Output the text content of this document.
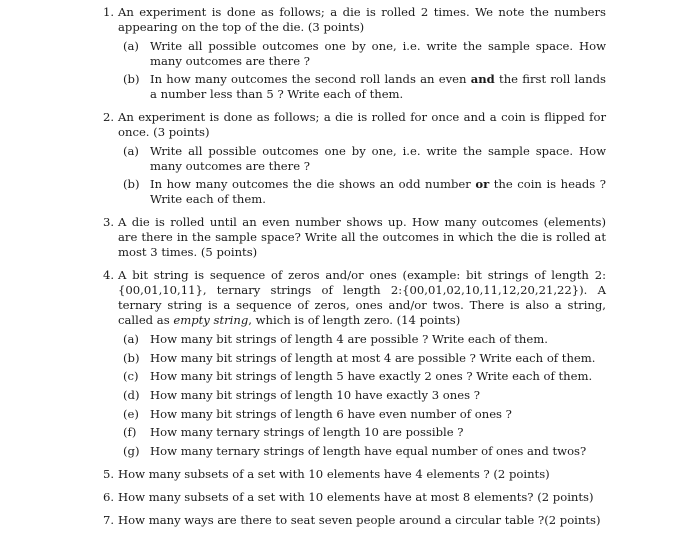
1. An experiment is done as follows; a die is rolled 2 times. We note the numbers appearing on the top of the die. (3 points)
(a) Write all possible outcomes one by one, i.e. write the sample space. How many outcomes are there ?
(b) In how many outcomes the second roll lands an even and the first roll lands a number less than 5 ? Write each of them.
2. An experiment is done as follows; a die is rolled for once and a coin is flipped for once. (3 points)
(a) Write all possible outcomes one by one, i.e. write the sample space. How many outcomes are there ?
(b) In how many outcomes the die shows an odd number or the coin is heads ? Write each of them.
3. A die is rolled until an even number shows up. How many outcomes (elements) are there in the sample space? Write all the outcomes in which the die is rolled at most 3 times. (5 points)
4. A bit string is sequence of zeros and/or ones (example: bit strings of length 2:{00,01,10,11}, ternary strings of length 2:{00,01,02,10,11,12,20,21,22}). A ternary string is a sequence of zeros, ones and/or twos. There is also a string, called as empty string, which is of length zero. (14 points)
(a) How many bit strings of length 4 are possible ? Write each of them.
(b) How many bit strings of length at most 4 are possible ? Write each of them.
(c) How many bit strings of length 5 have exactly 2 ones ? Write each of them.
(d) How many bit strings of length 10 have exactly 3 ones ?
(e) How many bit strings of length 6 have even number of ones ?
(f) How many ternary strings of length 10 are possible ?
(g) How many ternary strings of length have equal number of ones and twos?
5. How many subsets of a set with 10 elements have 4 elements ? (2 points)
6. How many subsets of a set with 10 elements have at most 8 elements? (2 points)
7. How many ways are there to seat seven people around a circular table ?(2 points)
